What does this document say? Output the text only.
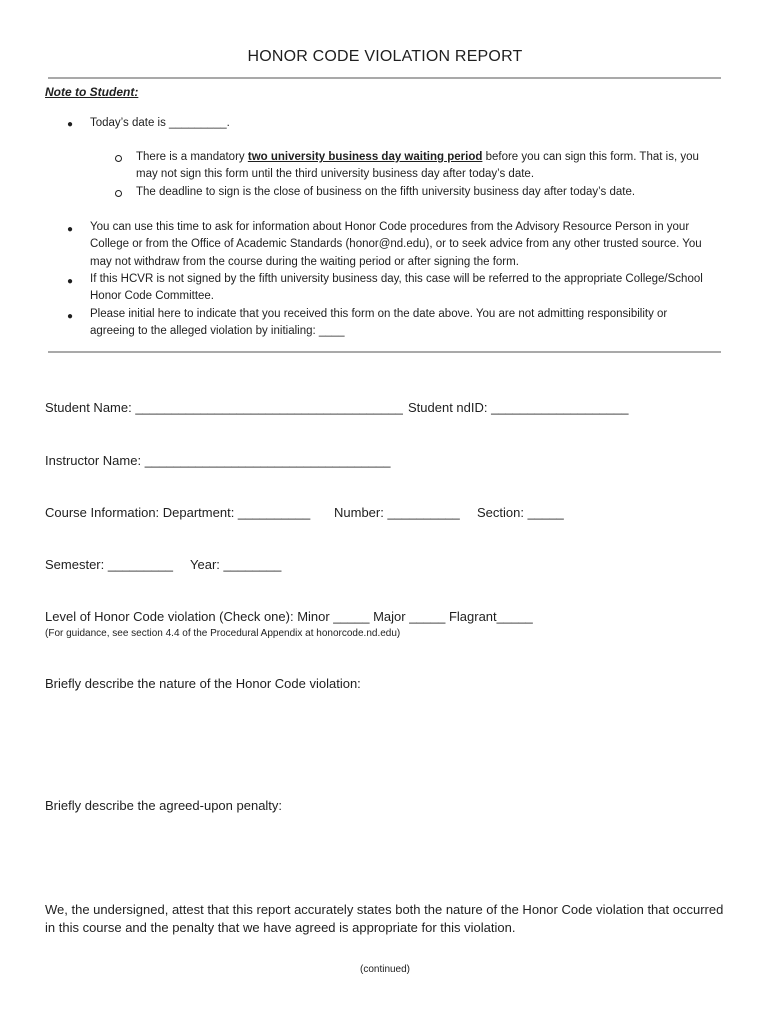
HONOR CODE VIOLATION REPORT
Note to Student:
● Today’s date is _________.
There is a mandatory two university business day waiting period before you can sign this form. That is, you may not sign this form until the third university business day after today’s date.
The deadline to sign is the close of business on the fifth university business day after today’s date.
● You can use this time to ask for information about Honor Code procedures from the Advisory Resource Person in your College or from the Office of Academic Standards (honor@nd.edu), or to seek advice from any other trusted source. You may not withdraw from the course during the waiting period or after signing the form.
● If this HCVR is not signed by the fifth university business day, this case will be referred to the appropriate College/School Honor Code Committee.
● Please initial here to indicate that you received this form on the date above. You are not admitting responsibility or agreeing to the alleged violation by initialing: ____
Student Name: _____________________________________ Student ndID: ___________________
Instructor Name: __________________________________
Course Information: Department: __________ Number: __________ Section: _____
Semester: _________ Year: ________
Level of Honor Code violation (Check one): Minor _____ Major _____ Flagrant_____
(For guidance, see section 4.4 of the Procedural Appendix at honorcode.nd.edu)
Briefly describe the nature of the Honor Code violation:
Briefly describe the agreed-upon penalty:
We, the undersigned, attest that this report accurately states both the nature of the Honor Code violation that occurred in this course and the penalty that we have agreed is appropriate for this violation.
(continued)
